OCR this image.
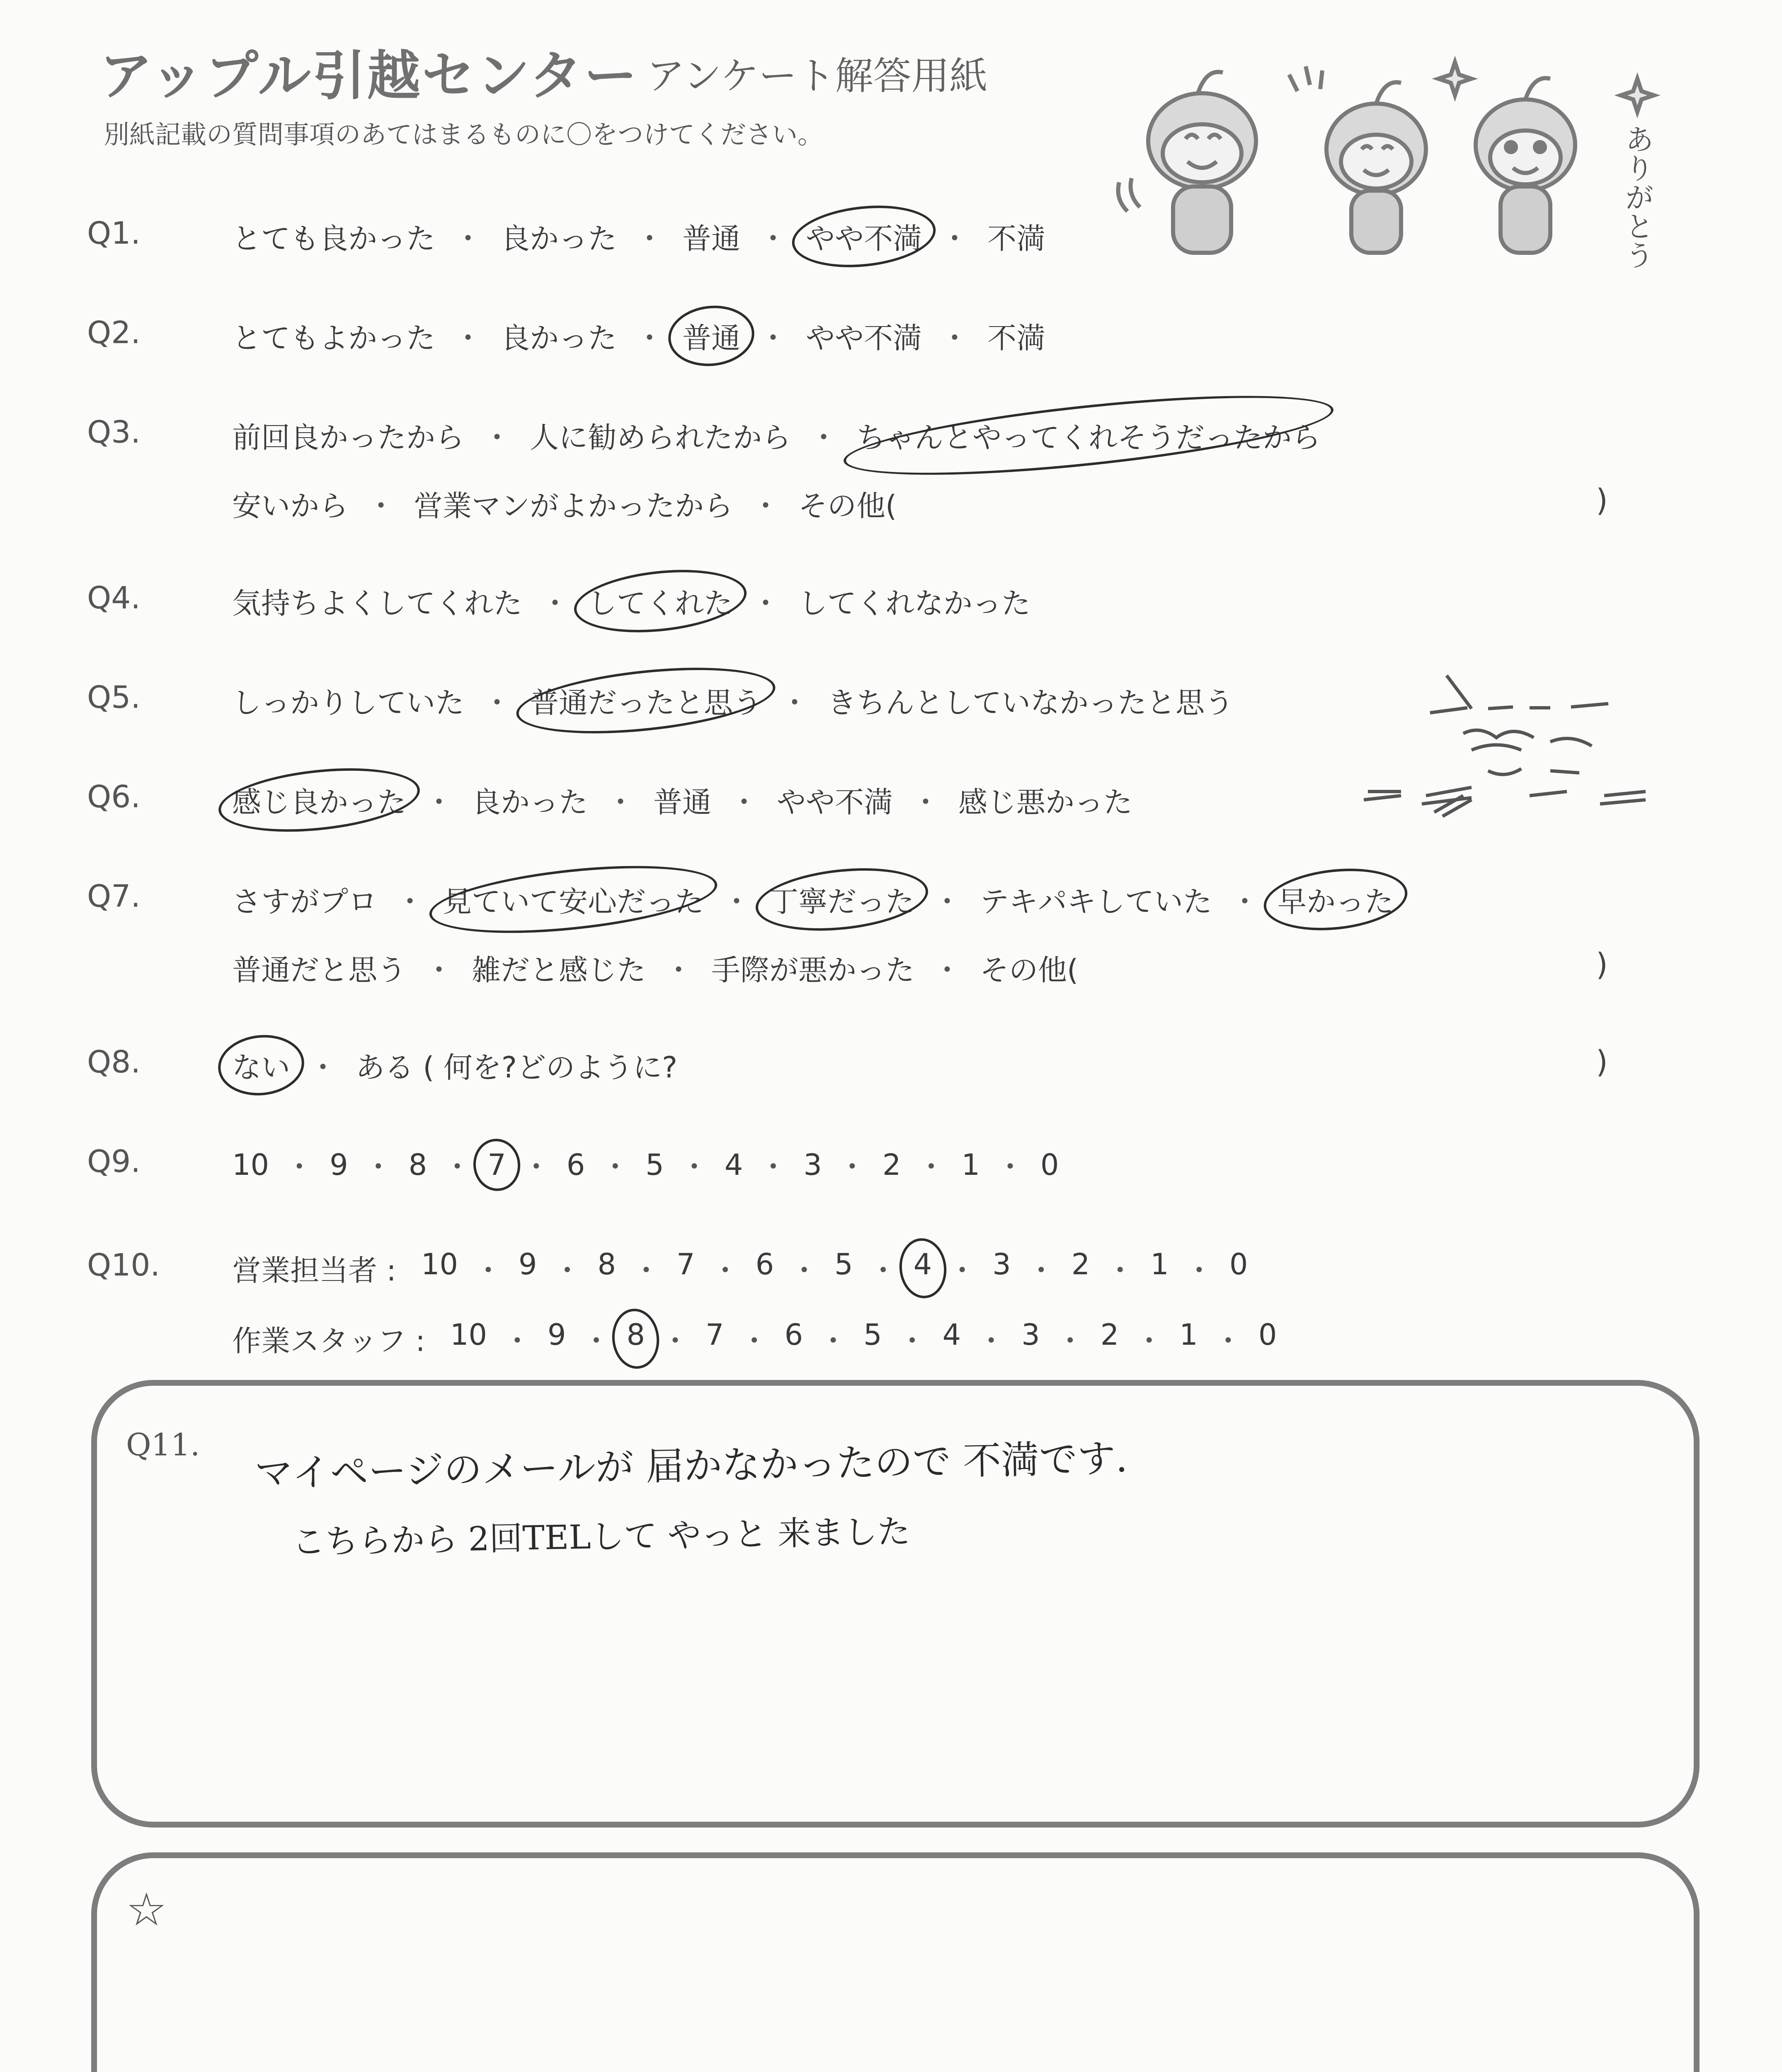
アップル引越センター アンケート解答用紙
別紙記載の質問事項のあてはまるものに〇をつけてください。	ありがとう
Q1.	とても良かった ・ 良かった ・ 普通 ・ やや不満 ・ 不満
Q2.	とてもよかった ・ 良かった ・ 普通 ・ やや不満 ・ 不満
Q3.	前回良かったから ・ 人に勧められたから ・ ちゃんとやってくれそうだったから
安いから ・ 営業マンがよかったから ・ その他(	)
Q4.	気持ちよくしてくれた ・ してくれた ・ してくれなかった
Q5.	しっかりしていた ・ 普通だったと思う ・ きちんとしていなかったと思う
Q6.	感じ良かった ・ 良かった ・ 普通 ・ やや不満 ・ 感じ悪かった
Q7.	さすがプロ ・ 見ていて安心だった ・ 丁寧だった ・ テキパキしていた ・ 早かった
普通だと思う ・ 雑だと感じた ・ 手際が悪かった ・ その他(	)
Q8.	ない ・ ある ( 何を?どのように?	)
Q9.	10 ・ 9 ・ 8 ・ 7 ・ 6 ・ 5 ・ 4 ・ 3 ・ 2 ・ 1 ・ 0
Q10. 営業担当者 : 10 ・ 9 ・ 8 ・ 7 ・ 6 ・ 5 ・ 4 ・ 3 ・ 2 ・ 1 ・ 0
作業スタッフ : 10 ・ 9 ・ 8 ・ 7 ・ 6 ・ 5 ・ 4 ・ 3 ・ 2 ・ 1 ・ 0
Q11. マイページのメールが 届かなかったので 不満です.
こちらから 2回TELして やっと 来ました
☆
